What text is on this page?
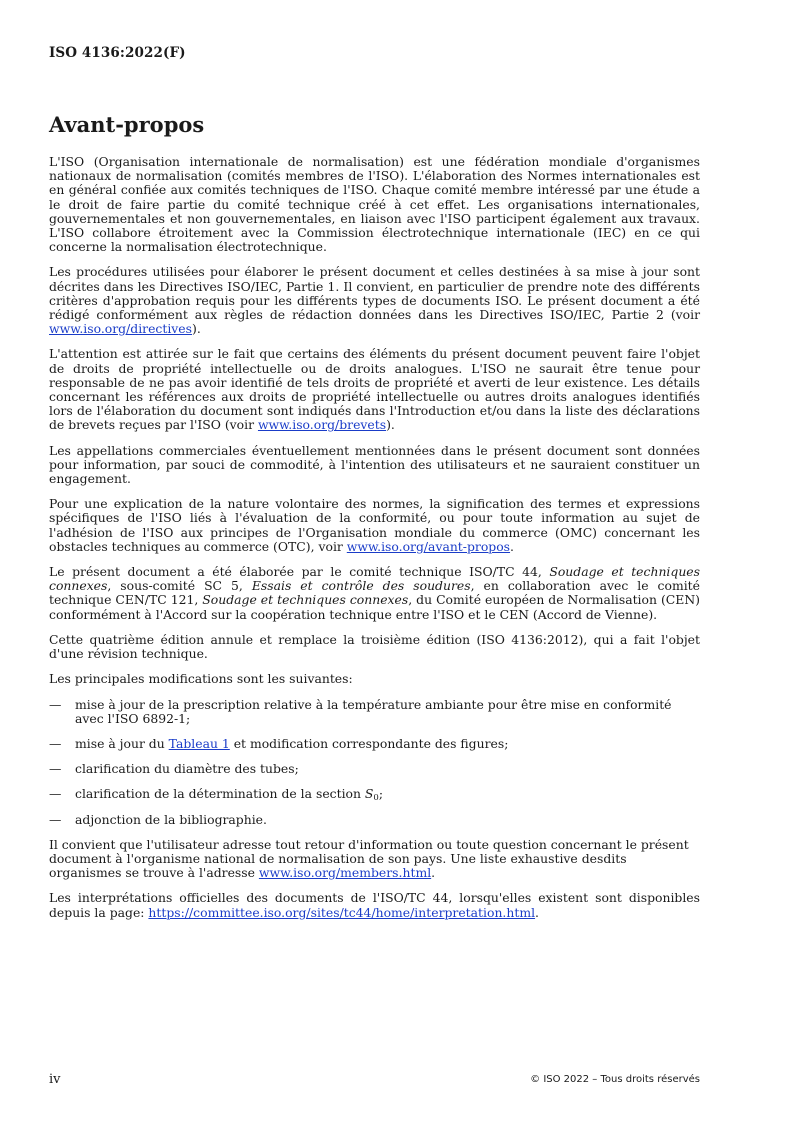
ISO 4136:2022(F)
Avant-propos

L'ISO (Organisation internationale de normalisation) est une fédération mondiale d'organismes nationaux de normalisation (comités membres de l'ISO). L'élaboration des Normes internationales est en général confiée aux comités techniques de l'ISO. Chaque comité membre intéressé par une étude a le droit de faire partie du comité technique créé à cet effet. Les organisations internationales, gouvernementales et non gouvernementales, en liaison avec l'ISO participent également aux travaux. L'ISO collabore étroitement avec la Commission électrotechnique internationale (IEC) en ce qui concerne la normalisation électrotechnique.

Les procédures utilisées pour élaborer le présent document et celles destinées à sa mise à jour sont décrites dans les Directives ISO/IEC, Partie 1. Il convient, en particulier de prendre note des différents critères d'approbation requis pour les différents types de documents ISO. Le présent document a été rédigé conformément aux règles de rédaction données dans les Directives ISO/IEC, Partie 2 (voir www.iso.org/directives).

L'attention est attirée sur le fait que certains des éléments du présent document peuvent faire l'objet de droits de propriété intellectuelle ou de droits analogues. L'ISO ne saurait être tenue pour responsable de ne pas avoir identifié de tels droits de propriété et averti de leur existence. Les détails concernant les références aux droits de propriété intellectuelle ou autres droits analogues identifiés lors de l'élaboration du document sont indiqués dans l'Introduction et/ou dans la liste des déclarations de brevets reçues par l'ISO (voir www.iso.org/brevets).

Les appellations commerciales éventuellement mentionnées dans le présent document sont données pour information, par souci de commodité, à l'intention des utilisateurs et ne sauraient constituer un engagement.

Pour une explication de la nature volontaire des normes, la signification des termes et expressions spécifiques de l'ISO liés à l'évaluation de la conformité, ou pour toute information au sujet de l'adhésion de l'ISO aux principes de l'Organisation mondiale du commerce (OMC) concernant les obstacles techniques au commerce (OTC), voir www.iso.org/avant-propos.

Le présent document a été élaborée par le comité technique ISO/TC 44, Soudage et techniques connexes, sous-comité SC 5, Essais et contrôle des soudures, en collaboration avec le comité technique CEN/TC 121, Soudage et techniques connexes, du Comité européen de Normalisation (CEN) conformément à l'Accord sur la coopération technique entre l'ISO et le CEN (Accord de Vienne).

Cette quatrième édition annule et remplace la troisième édition (ISO 4136:2012), qui a fait l'objet d'une révision technique.

Les principales modifications sont les suivantes:

—	mise à jour de la prescription relative à la température ambiante pour être mise en conformité avec l'ISO 6892-1;
—	mise à jour du Tableau 1 et modification correspondante des figures;
—	clarification du diamètre des tubes;
—	clarification de la détermination de la section $S_0$;
—	adjonction de la bibliographie.

Il convient que l'utilisateur adresse tout retour d'information ou toute question concernant le présent document à l'organisme national de normalisation de son pays. Une liste exhaustive desdits organismes se trouve à l'adresse www.iso.org/members.html.

Les interprétations officielles des documents de l'ISO/TC 44, lorsqu'elles existent sont disponibles depuis la page: https://committee.iso.org/sites/tc44/home/interpretation.html.

iv	© ISO 2022 – Tous droits réservés
